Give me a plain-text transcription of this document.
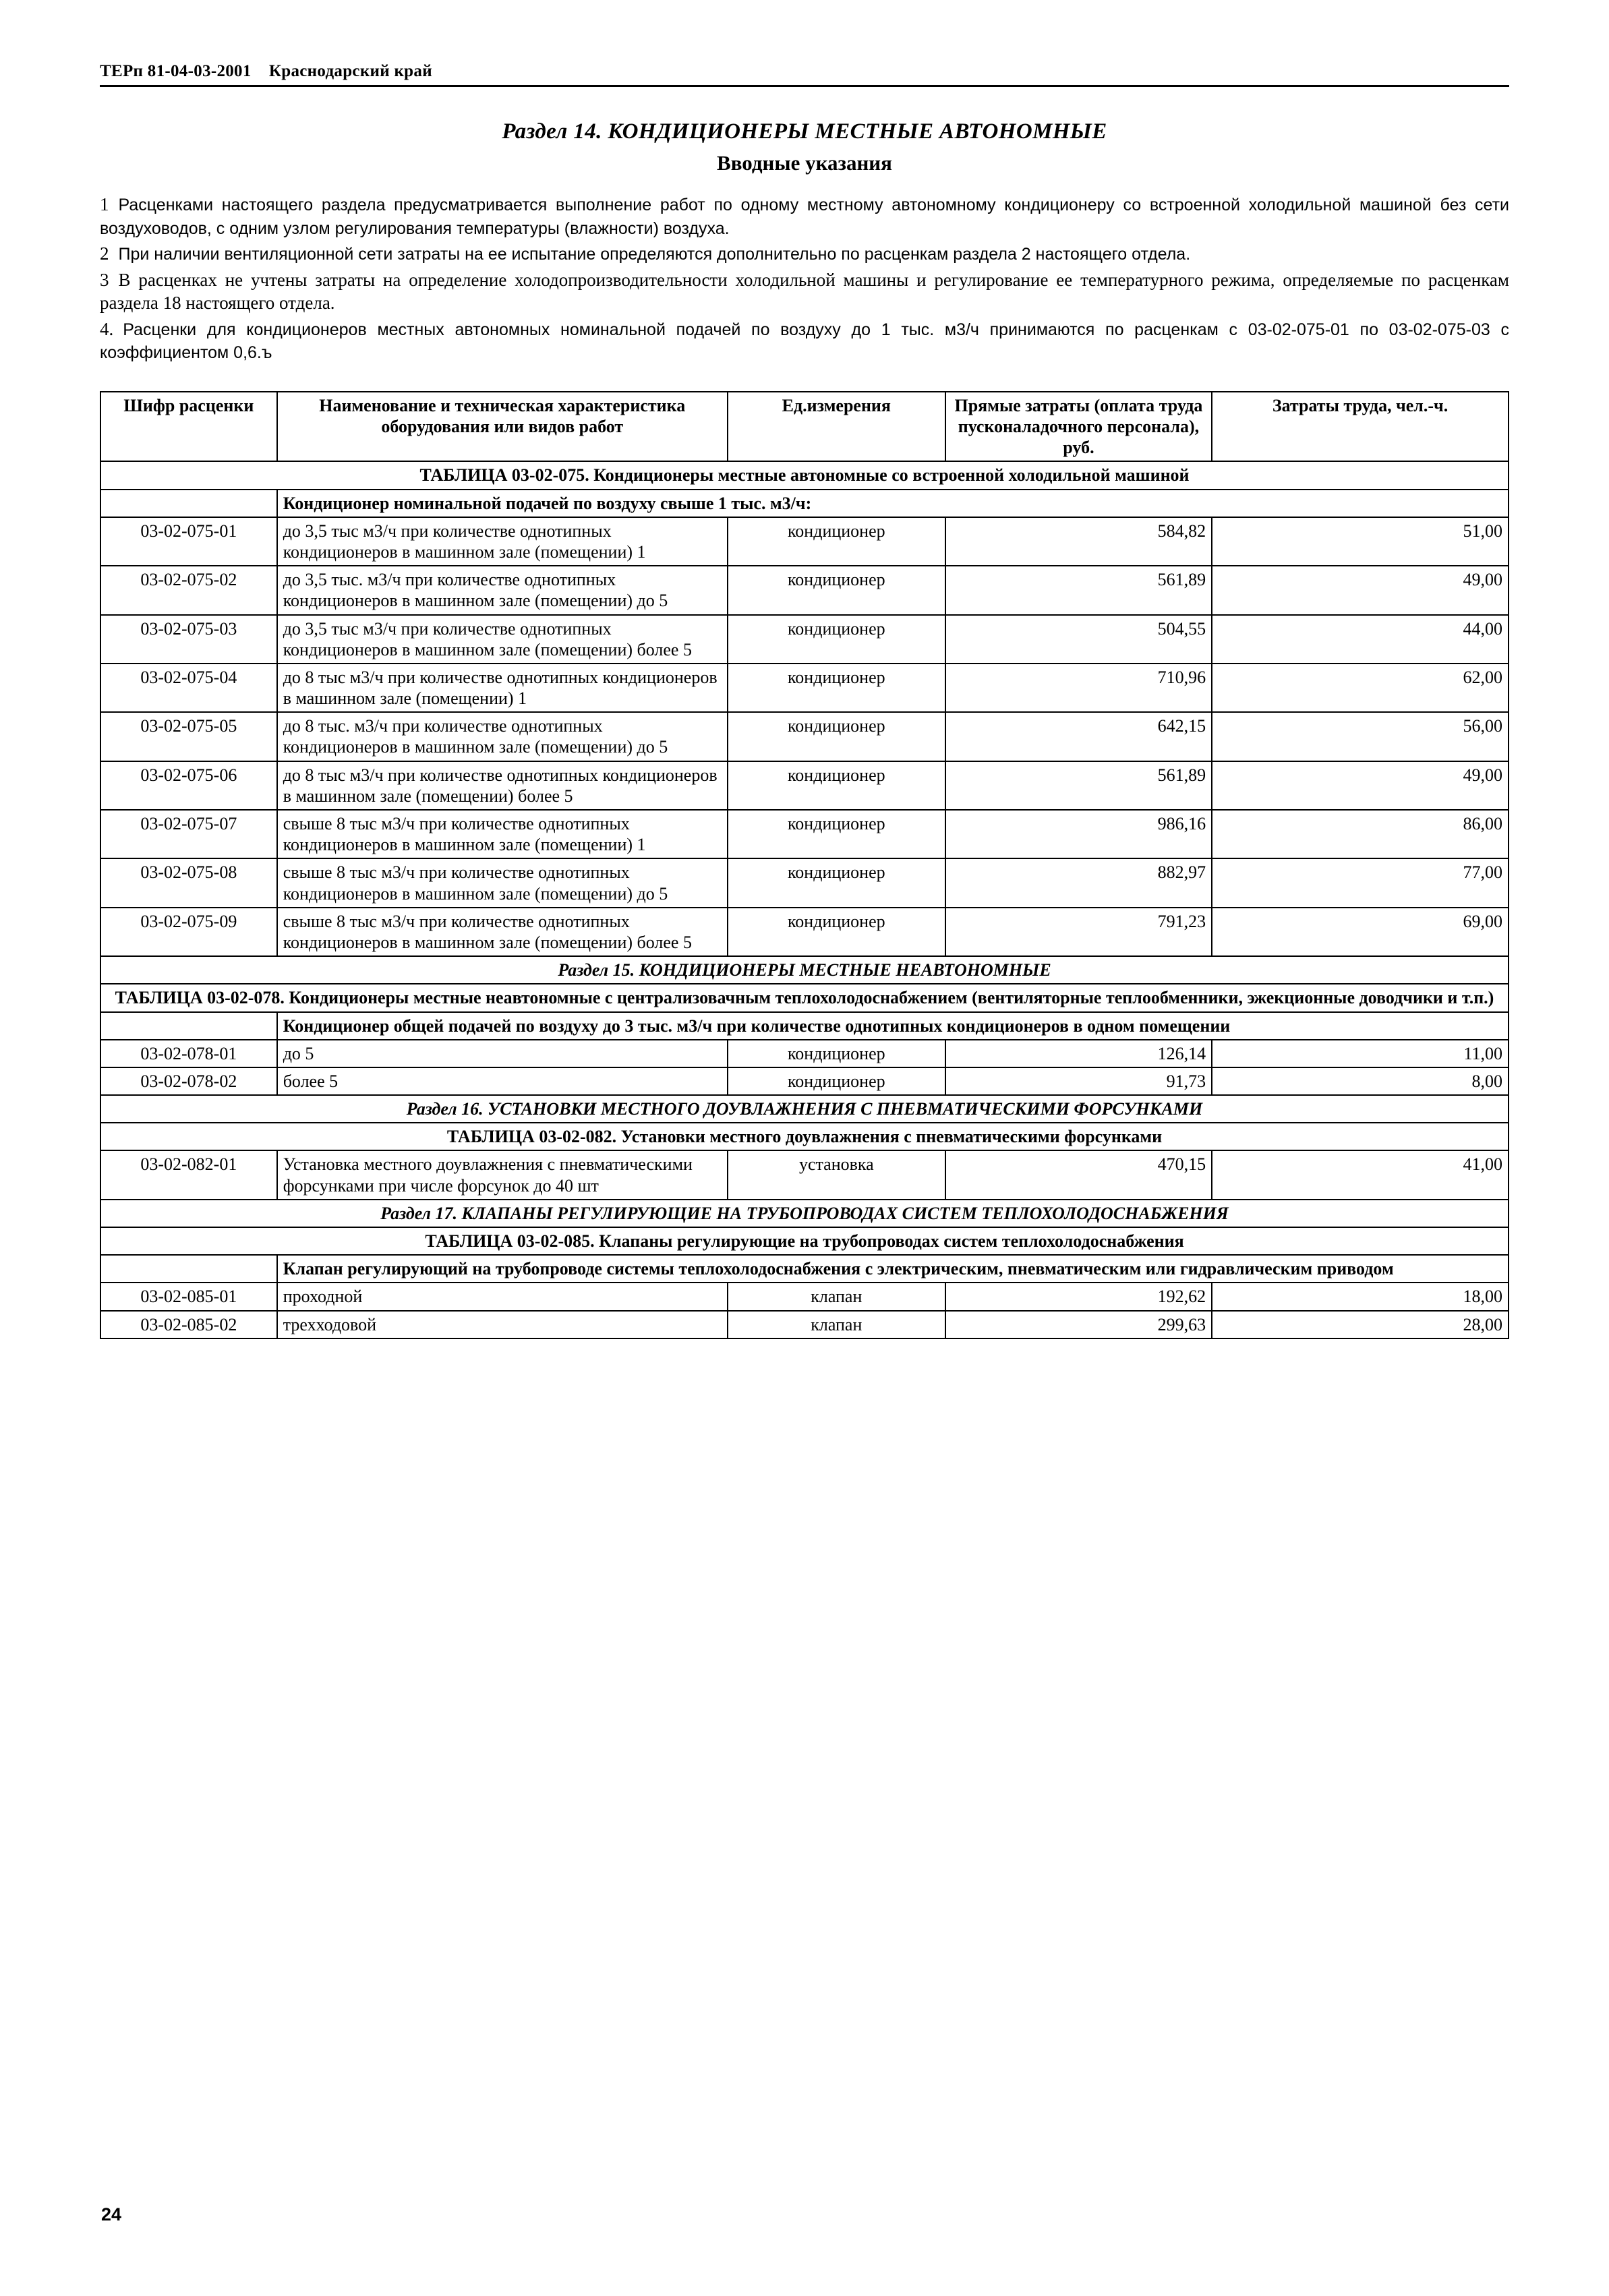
ТЕРп 81-04-03-2001 Краснодарский край
Раздел 14. КОНДИЦИОНЕРЫ МЕСТНЫЕ АВТОНОМНЫЕ
Вводные указания

1 Расценками настоящего раздела предусматривается выполнение работ по одному местному автономному кондиционеру со встроенной холодильной машиной без сети воздуховодов, с одним узлом регулирования температуры (влажности) воздуха.

2 При наличии вентиляционной сети затраты на ее испытание определяются дополнительно по расценкам раздела 2 настоящего отдела.

3 В расценках не учтены затраты на определение холодопроизводительности холодильной машины и регулирование ее температурного режима, определяемые по расценкам раздела 18 настоящего отдела.

4. Расценки для кондиционеров местных автономных номинальной подачей по воздуху до 1 тыс. м3/ч принимаются по расценкам с 03-02-075-01 по 03-02-075-03 с коэффициентом 0,6.ъ

Шифр расценки	Наименование и техническая характеристика оборудования или видов работ	Ед.измерения	Прямые затраты (оплата труда пусконаладочного персонала), руб.	Затраты труда, чел.-ч.
ТАБЛИЦА 03-02-075. Кондиционеры местные автономные со встроенной холодильной машиной				
	Кондиционер номинальной подачей по воздуху свыше 1 тыс. м3/ч:			
03-02-075-01	до 3,5 тыс м3/ч при количестве однотипных кондиционеров в машинном зале (помещении) 1	кондиционер	584,82	51,00
03-02-075-02	до 3,5 тыс. м3/ч при количестве однотипных кондиционеров в машинном зале (помещении) до 5	кондиционер	561,89	49,00
03-02-075-03	до 3,5 тыс м3/ч при количестве однотипных кондиционеров в машинном зале (помещении) более 5	кондиционер	504,55	44,00
03-02-075-04	до 8 тыс м3/ч при количестве однотипных кондиционеров в машинном зале (помещении) 1	кондиционер	710,96	62,00
03-02-075-05	до 8 тыс. м3/ч при количестве однотипных кондиционеров в машинном зале (помещении) до 5	кондиционер	642,15	56,00
03-02-075-06	до 8 тыс м3/ч при количестве однотипных кондиционеров в машинном зале (помещении) более 5	кондиционер	561,89	49,00
03-02-075-07	свыше 8 тыс м3/ч при количестве однотипных кондиционеров в машинном зале (помещении) 1	кондиционер	986,16	86,00
03-02-075-08	свыше 8 тыс м3/ч при количестве однотипных кондиционеров в машинном зале (помещении) до 5	кондиционер	882,97	77,00
03-02-075-09	свыше 8 тыс м3/ч при количестве однотипных кондиционеров в машинном зале (помещении) более 5	кондиционер	791,23	69,00
Раздел 15. КОНДИЦИОНЕРЫ МЕСТНЫЕ НЕАВТОНОМНЫЕ				
ТАБЛИЦА 03-02-078. Кондиционеры местные неавтономные с централизовачным теплохолодоснабжением (вентиляторные теплообменники, эжекционные доводчики и т.п.)				
	Кондиционер общей подачей по воздуху до 3 тыс. м3/ч при количестве однотипных кондиционеров в одном помещении			
03-02-078-01	до 5	кондиционер	126,14	11,00
03-02-078-02	более 5	кондиционер	91,73	8,00
Раздел 16. УСТАНОВКИ МЕСТНОГО ДОУВЛАЖНЕНИЯ С ПНЕВМАТИЧЕСКИМИ ФОРСУНКАМИ				
ТАБЛИЦА 03-02-082. Установки местного доувлажнения с пневматическими форсунками				
03-02-082-01	Установка местного доувлажнения с пневматическими форсунками при числе форсунок до 40 шт	установка	470,15	41,00
Раздел 17. КЛАПАНЫ РЕГУЛИРУЮЩИЕ НА ТРУБОПРОВОДАХ СИСТЕМ ТЕПЛОХОЛОДОСНАБЖЕНИЯ				
ТАБЛИЦА 03-02-085. Клапаны регулирующие на трубопроводах систем теплохолодоснабжения				
	Клапан регулирующий на трубопроводе системы теплохолодоснабжения с электрическим, пневматическим или гидравлическим приводом			
03-02-085-01	проходной	клапан	192,62	18,00
03-02-085-02	трехходовой	клапан	299,63	28,00
24
